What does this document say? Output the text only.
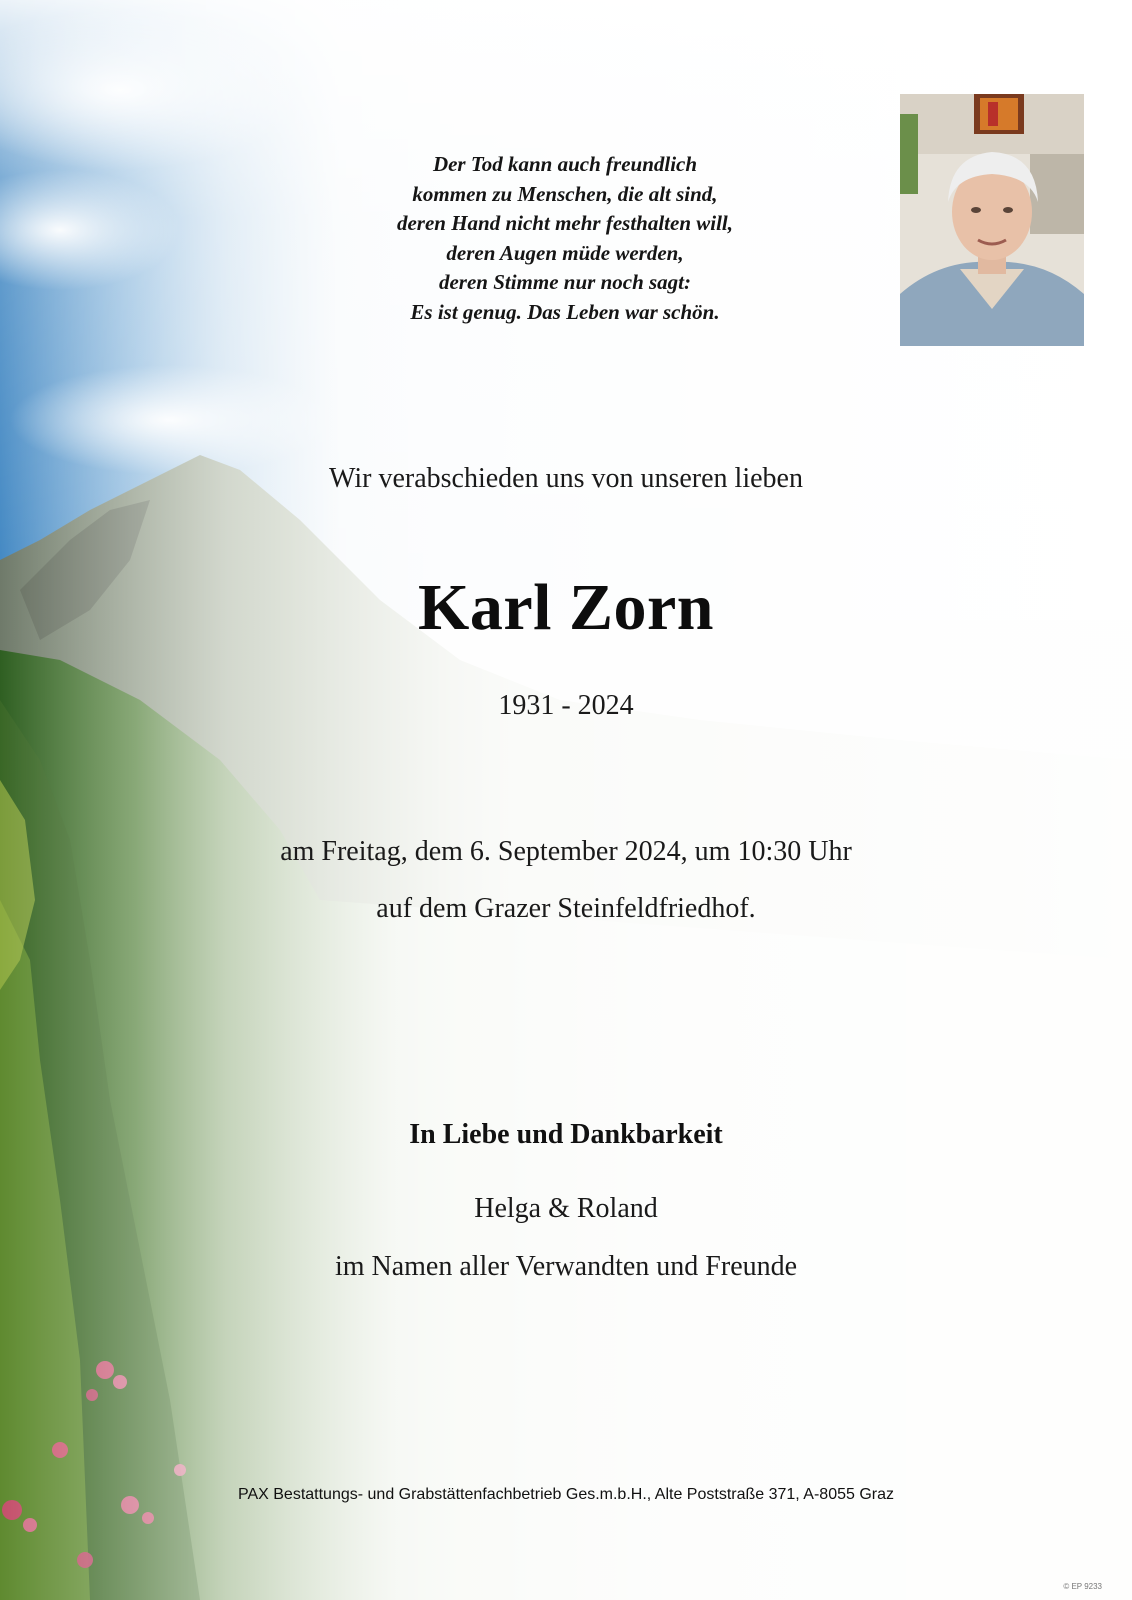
Der Tod kann auch freundlich
kommen zu Menschen, die alt sind,
deren Hand nicht mehr festhalten will,
deren Augen müde werden,
deren Stimme nur noch sagt:
Es ist genug. Das Leben war schön.
Wir verabschieden uns von unseren lieben
Karl Zorn
1931 - 2024
am Freitag, dem 6. September 2024, um 10:30 Uhr
auf dem Grazer Steinfeldfriedhof.
In Liebe und Dankbarkeit
Helga & Roland
im Namen aller Verwandten und Freunde
PAX Bestattungs- und Grabstättenfachbetrieb Ges.m.b.H., Alte Poststraße 371, A-8055 Graz
© EP 9233
